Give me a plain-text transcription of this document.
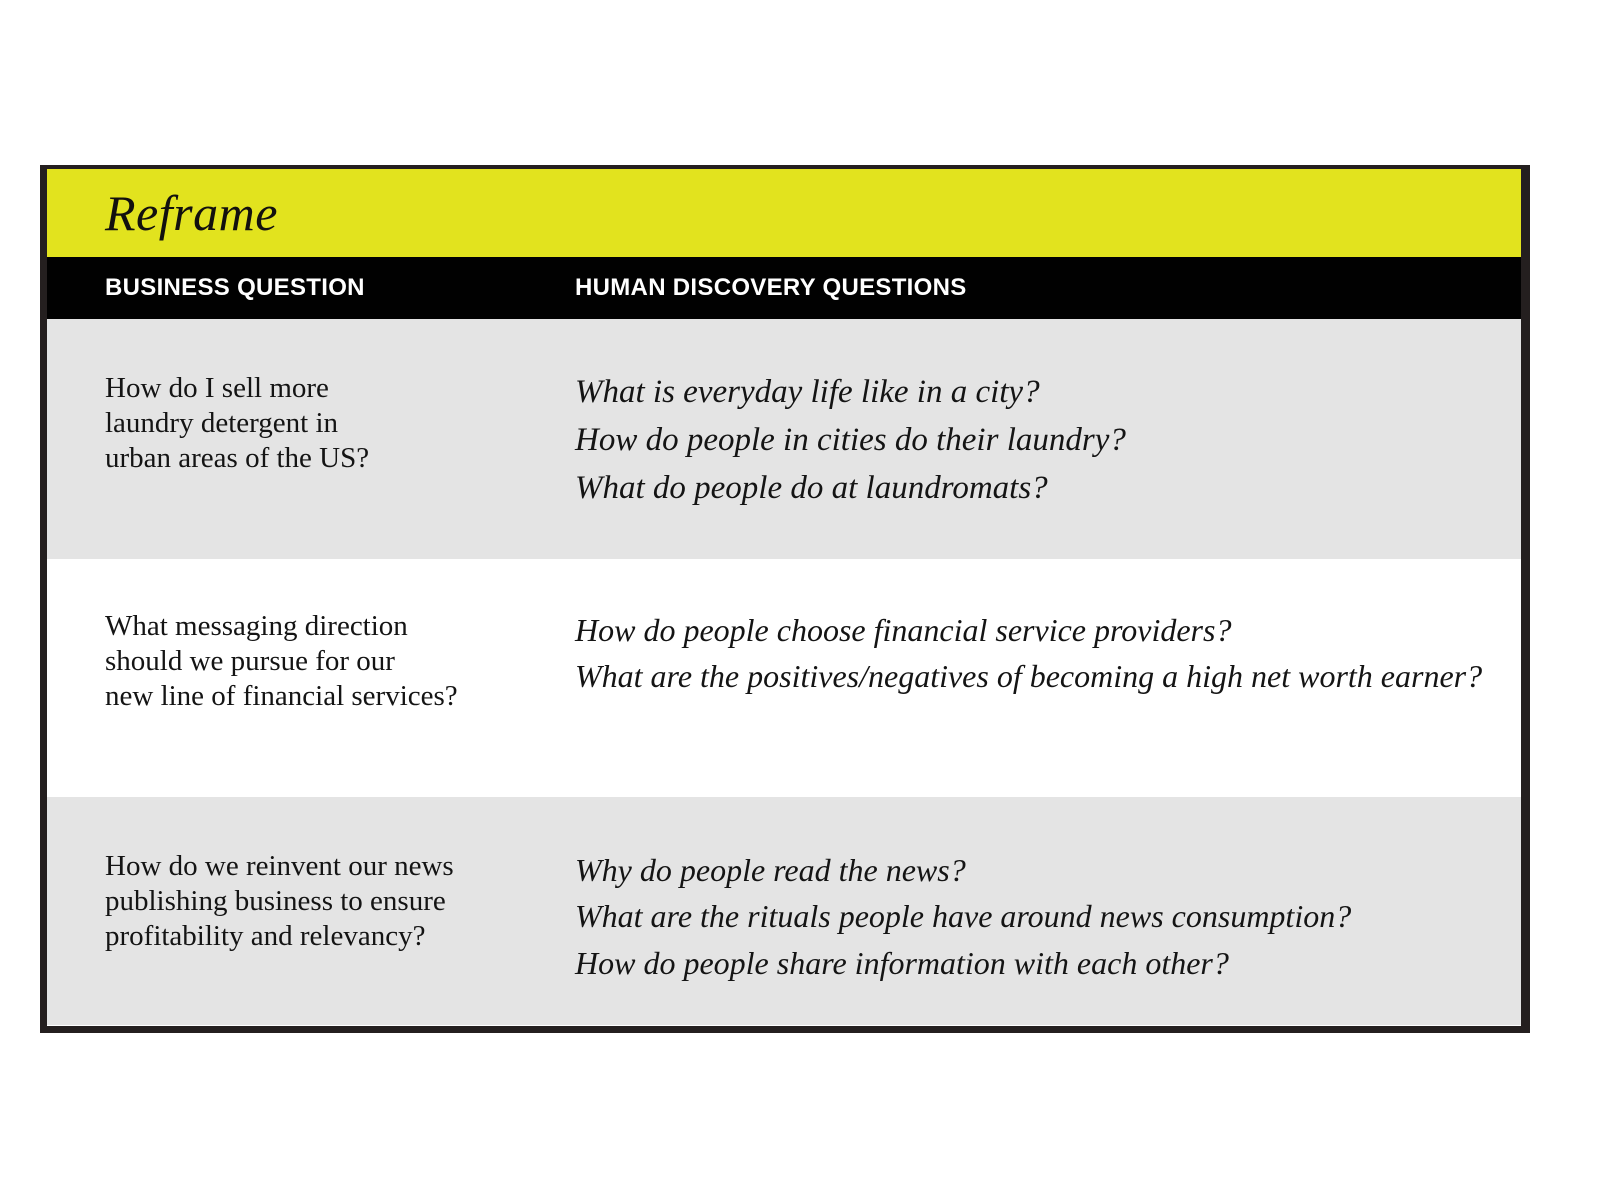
Reframe
BUSINESS QUESTION	HUMAN DISCOVERY QUESTIONS
How do I sell more
laundry detergent in
urban areas of the US?
What is everyday life like in a city?
How do people in cities do their laundry?
What do people do at laundromats?
What messaging direction
should we pursue for our
new line of financial services?
How do people choose financial service providers?
What are the positives/negatives of becoming a high net worth earner?
How do we reinvent our news
publishing business to ensure
profitability and relevancy?
Why do people read the news?
What are the rituals people have around news consumption?
How do people share information with each other?
